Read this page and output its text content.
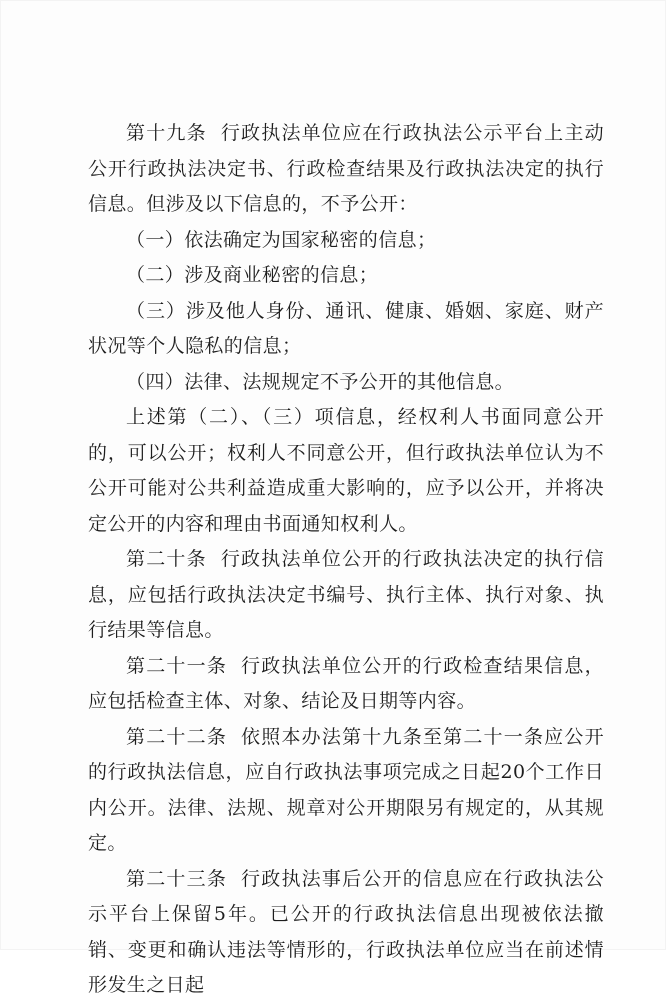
第十九条 行政执法单位应在行政执法公示平台上主动公开行政执法决定书、行政检查结果及行政执法决定的执行信息。但涉及以下信息的，不予公开：

（一）依法确定为国家秘密的信息；

（二）涉及商业秘密的信息；

（三）涉及他人身份、通讯、健康、婚姻、家庭、财产状况等个人隐私的信息；

（四）法律、法规规定不予公开的其他信息。

上述第（二）、（三）项信息，经权利人书面同意公开的，可以公开；权利人不同意公开，但行政执法单位认为不公开可能对公共利益造成重大影响的，应予以公开，并将决定公开的内容和理由书面通知权利人。

第二十条 行政执法单位公开的行政执法决定的执行信息，应包括行政执法决定书编号、执行主体、执行对象、执行结果等信息。

第二十一条 行政执法单位公开的行政检查结果信息，应包括检查主体、对象、结论及日期等内容。

第二十二条 依照本办法第十九条至第二十一条应公开的行政执法信息，应自行政执法事项完成之日起20个工作日内公开。法律、法规、规章对公开期限另有规定的，从其规定。

第二十三条 行政执法事后公开的信息应在行政执法公示平台上保留5年。已公开的行政执法信息出现被依法撤销、变更和确认违法等情形的，行政执法单位应当在前述情形发生之日起
